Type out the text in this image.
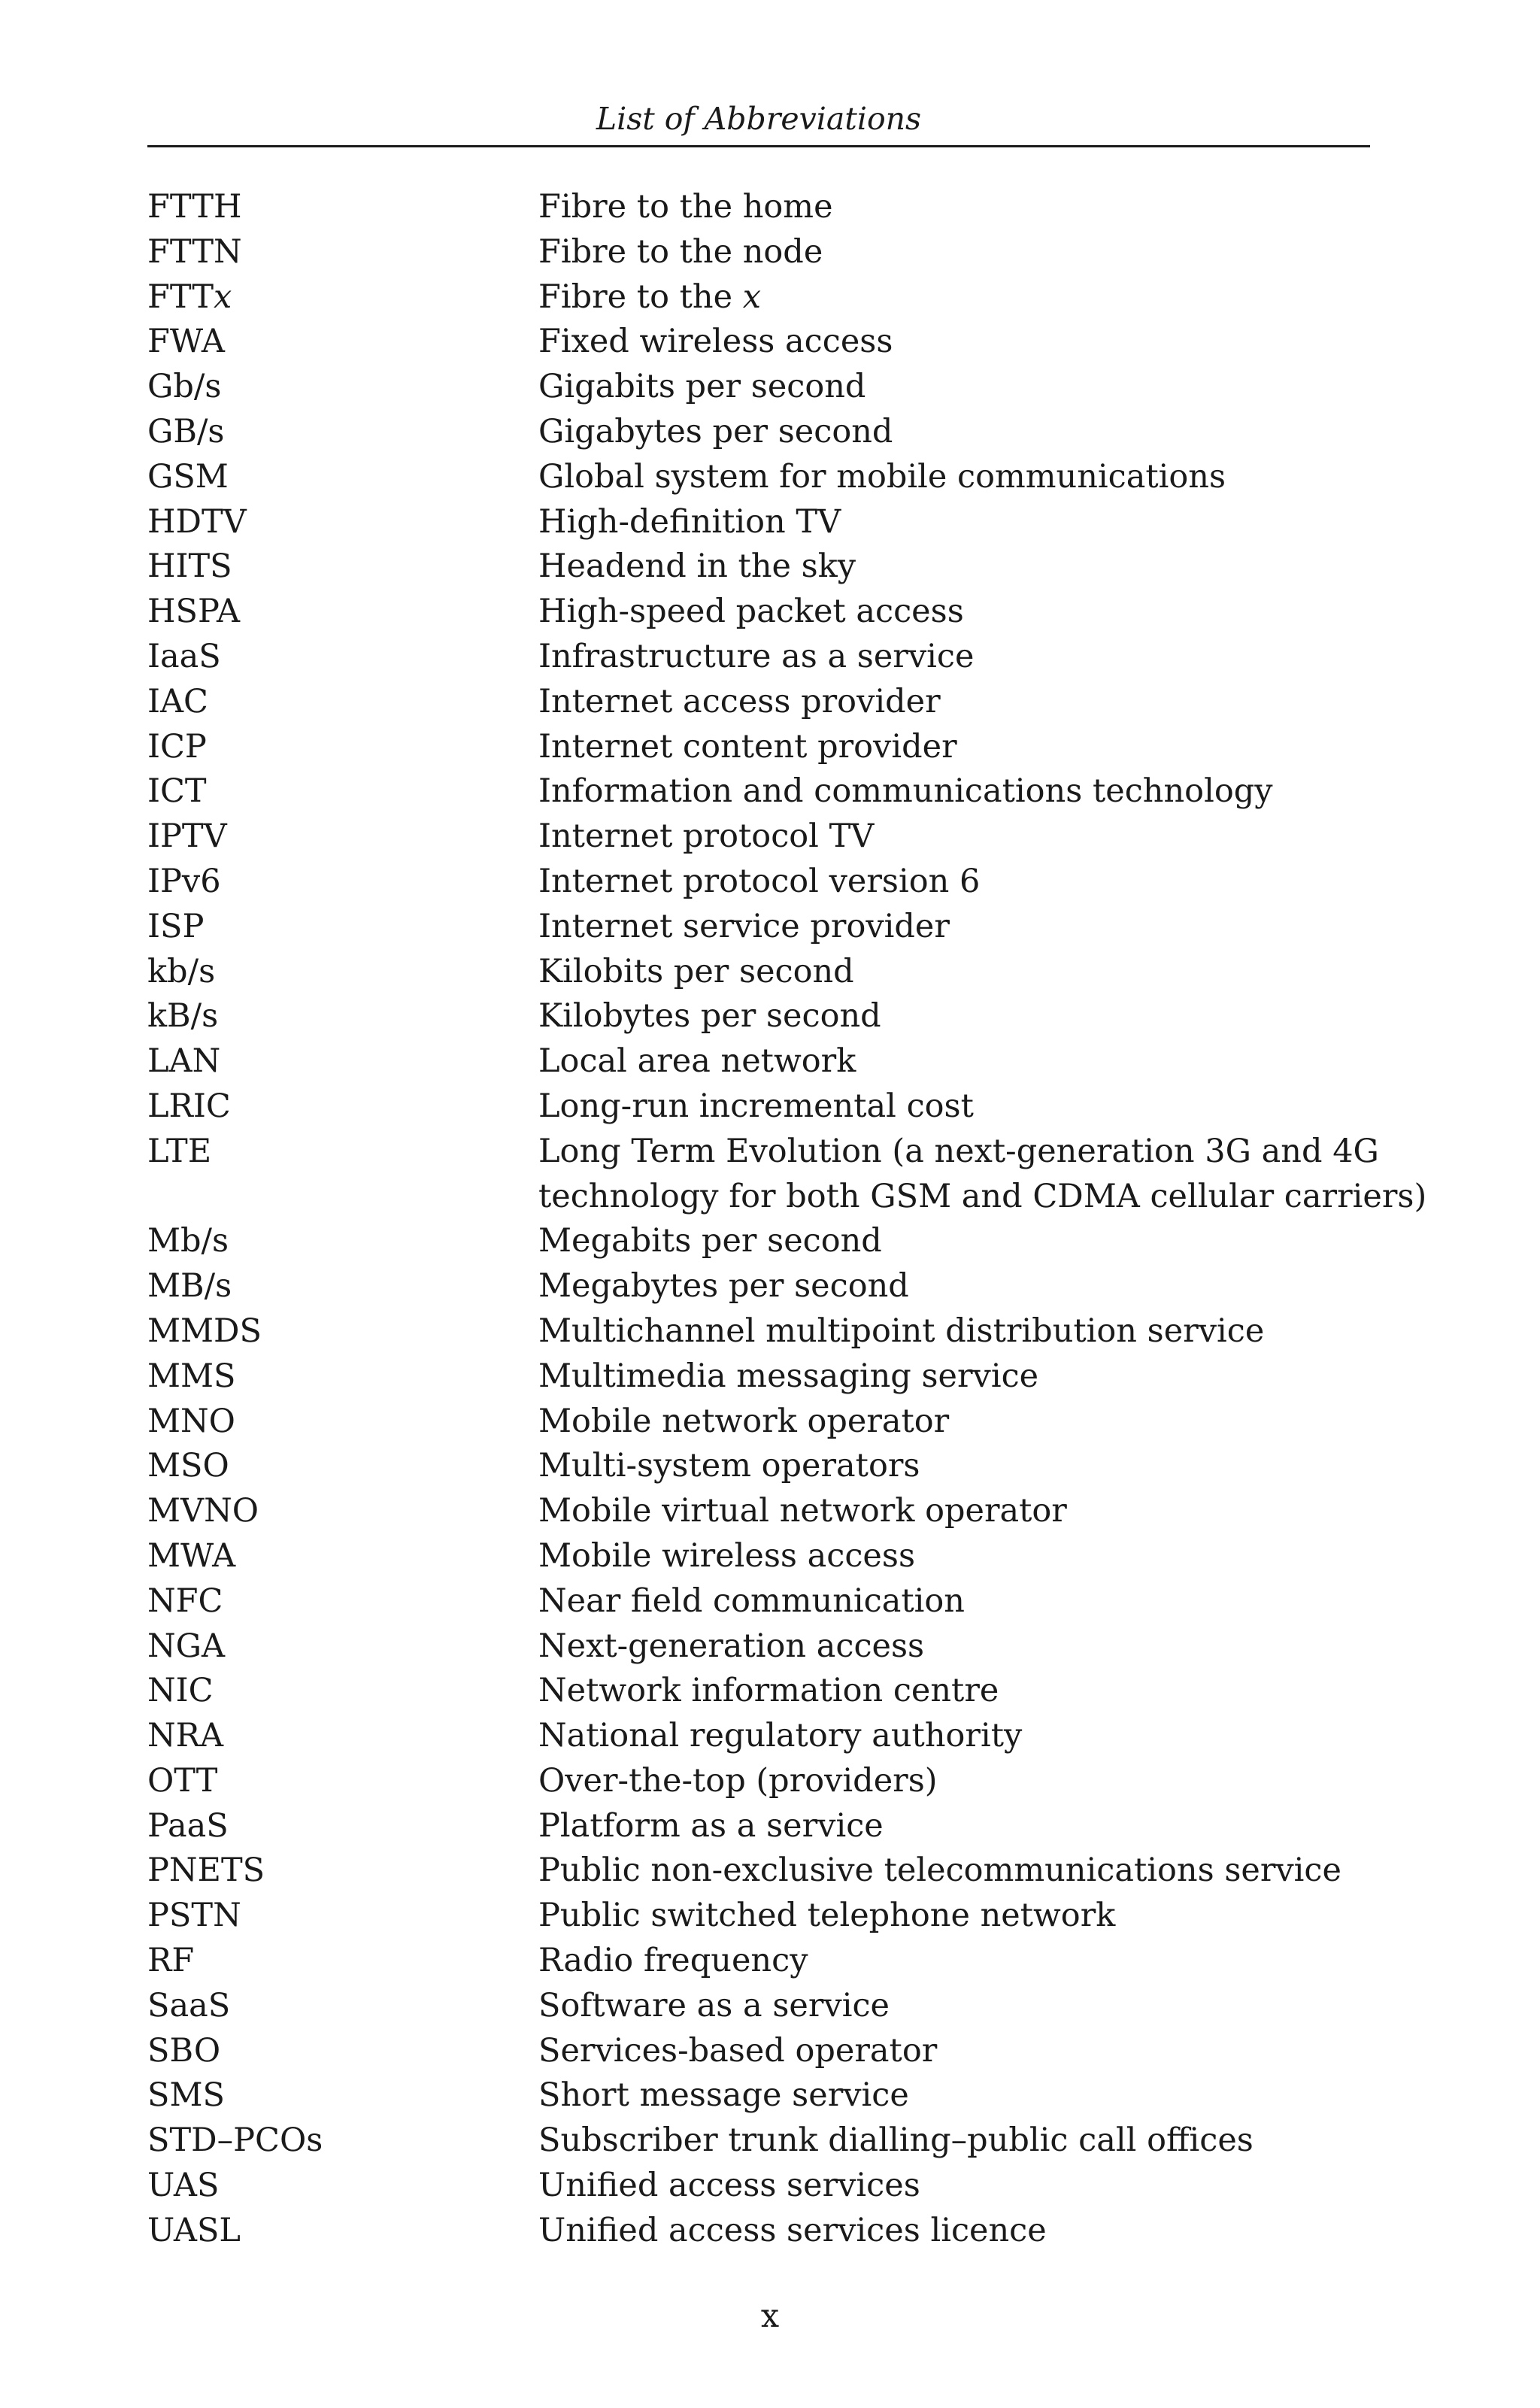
List of Abbreviations
FTTH	Fibre to the home
FTTN	Fibre to the node
FTTx	Fibre to the x
FWA	Fixed wireless access
Gb/s	Gigabits per second
GB/s	Gigabytes per second
GSM	Global system for mobile communications
HDTV	High-definition TV
HITS	Headend in the sky
HSPA	High-speed packet access
IaaS	Infrastructure as a service
IAC	Internet access provider
ICP	Internet content provider
ICT	Information and communications technology
IPTV	Internet protocol TV
IPv6	Internet protocol version 6
ISP	Internet service provider
kb/s	Kilobits per second
kB/s	Kilobytes per second
LAN	Local area network
LRIC	Long-run incremental cost
LTE	Long Term Evolution (a next-generation 3G and 4G
technology for both GSM and CDMA cellular carriers)
Mb/s	Megabits per second
MB/s	Megabytes per second
MMDS	Multichannel multipoint distribution service
MMS	Multimedia messaging service
MNO	Mobile network operator
MSO	Multi-system operators
MVNO	Mobile virtual network operator
MWA	Mobile wireless access
NFC	Near field communication
NGA	Next-generation access
NIC	Network information centre
NRA	National regulatory authority
OTT	Over-the-top (providers)
PaaS	Platform as a service
PNETS	Public non-exclusive telecommunications service
PSTN	Public switched telephone network
RF	Radio frequency
SaaS	Software as a service
SBO	Services-based operator
SMS	Short message service
STD–PCOs	Subscriber trunk dialling–public call offices
UAS	Unified access services
UASL	Unified access services licence
x
